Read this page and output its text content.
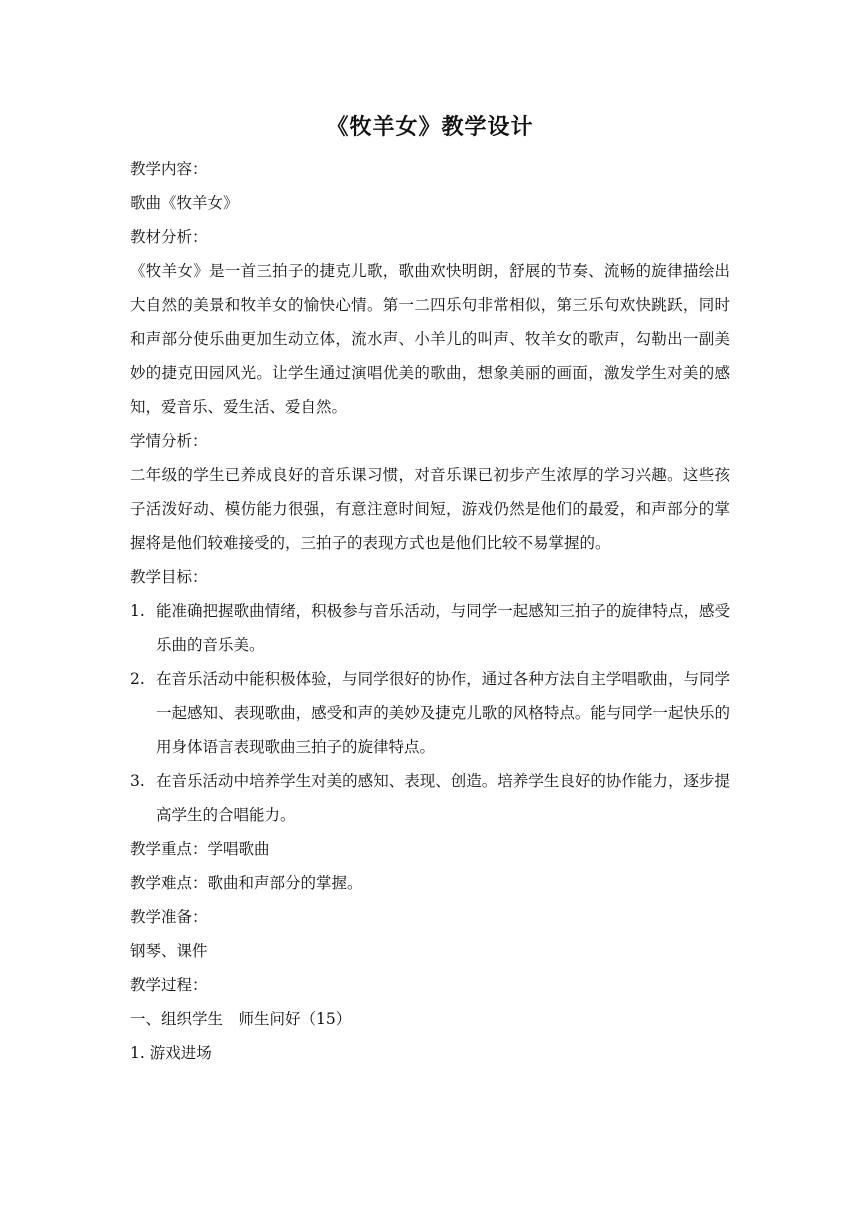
《牧羊女》教学设计
教学内容：
歌曲《牧羊女》
教材分析：
《牧羊女》是一首三拍子的捷克儿歌，歌曲欢快明朗，舒展的节奏、流畅的旋律描绘出大自然的美景和牧羊女的愉快心情。第一二四乐句非常相似，第三乐句欢快跳跃，同时和声部分使乐曲更加生动立体，流水声、小羊儿的叫声、牧羊女的歌声，勾勒出一副美妙的捷克田园风光。让学生通过演唱优美的歌曲，想象美丽的画面，激发学生对美的感知，爱音乐、爱生活、爱自然。
学情分析：
二年级的学生已养成良好的音乐课习惯，对音乐课已初步产生浓厚的学习兴趣。这些孩子活泼好动、模仿能力很强，有意注意时间短，游戏仍然是他们的最爱，和声部分的掌握将是他们较难接受的，三拍子的表现方式也是他们比较不易掌握的。
教学目标：
1. 能准确把握歌曲情绪，积极参与音乐活动，与同学一起感知三拍子的旋律特点，感受乐曲的音乐美。
2. 在音乐活动中能积极体验，与同学很好的协作，通过各种方法自主学唱歌曲，与同学一起感知、表现歌曲，感受和声的美妙及捷克儿歌的风格特点。能与同学一起快乐的用身体语言表现歌曲三拍子的旋律特点。
3. 在音乐活动中培养学生对美的感知、表现、创造。培养学生良好的协作能力，逐步提高学生的合唱能力。
教学重点：学唱歌曲
教学难点：歌曲和声部分的掌握。
教学准备：
钢琴、课件
教学过程：
一、组织学生　师生问好（15）
1. 游戏进场
